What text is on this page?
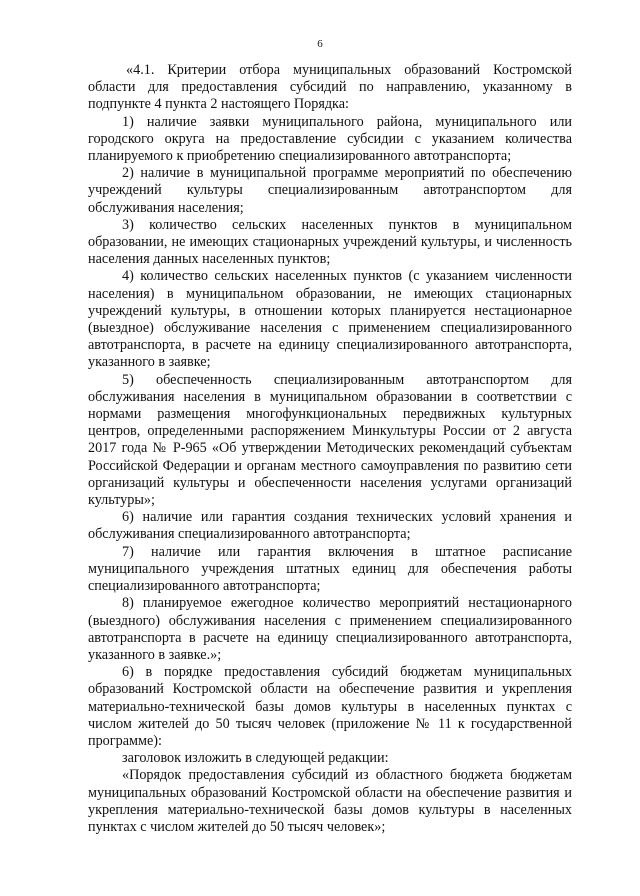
6

«4.1. Критерии отбора муниципальных образований Костромской области для предоставления субсидий по направлению, указанному в подпункте 4 пункта 2 настоящего Порядка:

1) наличие заявки муниципального района, муниципального или городского округа на предоставление субсидии с указанием количества планируемого к приобретению специализированного автотранспорта;

2) наличие в муниципальной программе мероприятий по обеспечению учреждений культуры специализированным автотранспортом для обслуживания населения;

3) количество сельских населенных пунктов в муниципальном образовании, не имеющих стационарных учреждений культуры, и численность населения данных населенных пунктов;

4) количество сельских населенных пунктов (с указанием численности населения) в муниципальном образовании, не имеющих стационарных учреждений культуры, в отношении которых планируется нестационарное (выездное) обслуживание населения с применением специализированного автотранспорта, в расчете на единицу специализированного автотранспорта, указанного в заявке;

5) обеспеченность специализированным автотранспортом для обслуживания населения в муниципальном образовании в соответствии с нормами размещения многофункциональных передвижных культурных центров, определенными распоряжением Минкультуры России от 2 августа 2017 года № Р-965 «Об утверждении Методических рекомендаций субъектам Российской Федерации и органам местного самоуправления по развитию сети организаций культуры и обеспеченности населения услугами организаций культуры»;

6) наличие или гарантия создания технических условий хранения и обслуживания специализированного автотранспорта;

7) наличие или гарантия включения в штатное расписание муниципального учреждения штатных единиц для обеспечения работы специализированного автотранспорта;

8) планируемое ежегодное количество мероприятий нестационарного (выездного) обслуживания населения с применением специализированного автотранспорта в расчете на единицу специализированного автотранспорта, указанного в заявке.»;

6) в порядке предоставления субсидий бюджетам муниципальных образований Костромской области на обеспечение развития и укрепления материально-технической базы домов культуры в населенных пунктах с числом жителей до 50 тысяч человек (приложение № 11 к государственной программе):

заголовок изложить в следующей редакции:

«Порядок предоставления субсидий из областного бюджета бюджетам муниципальных образований Костромской области на обеспечение развития и укрепления материально-технической базы домов культуры в населенных пунктах с числом жителей до 50 тысяч человек»;
